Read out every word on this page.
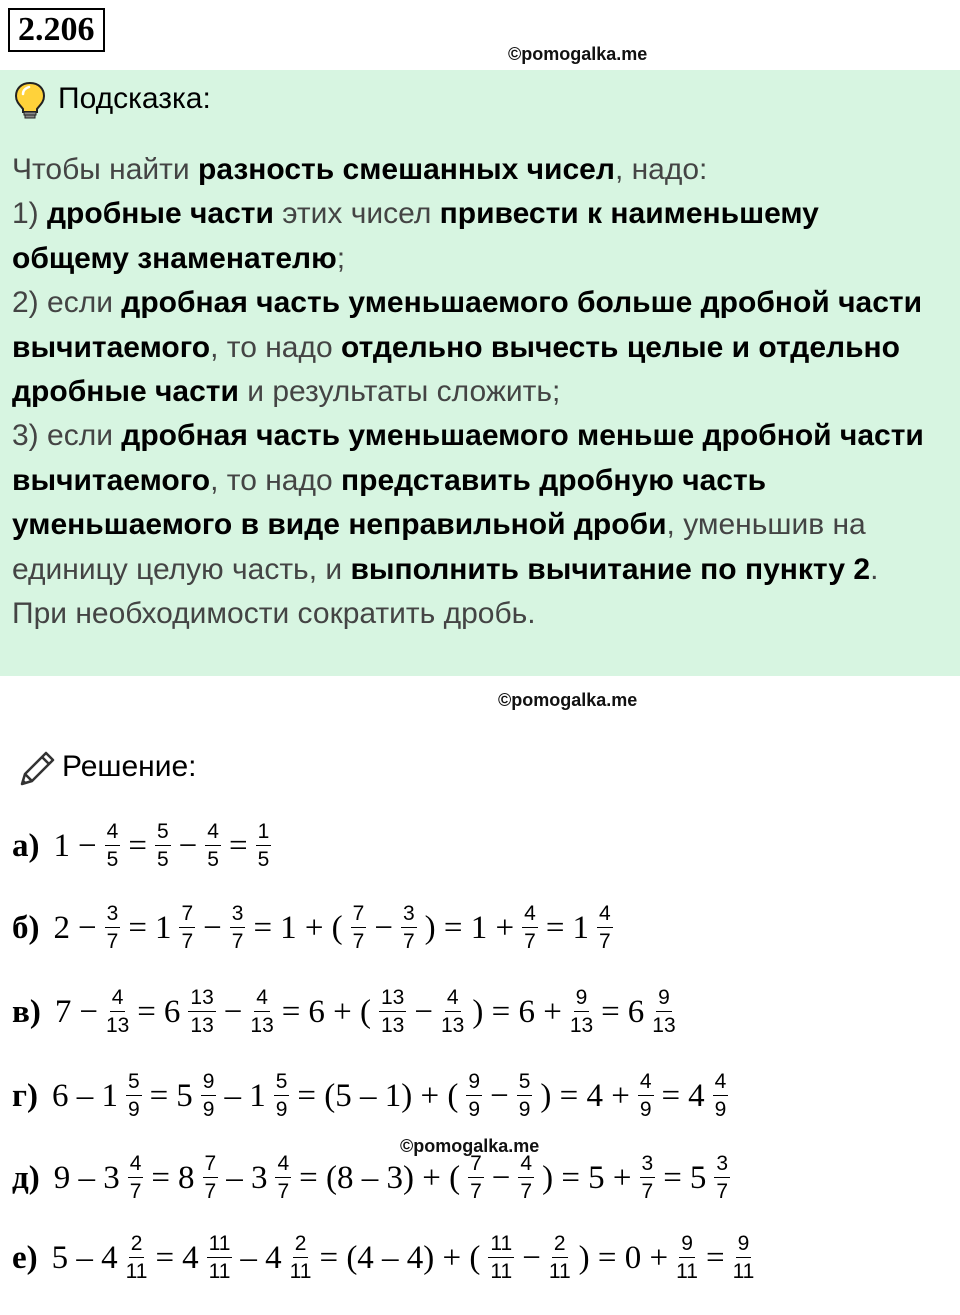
2.206
©pomogalka.me
Подсказка:
Чтобы найти разность смешанных чисел, надо:
1) дробные части этих чисел привести к наименьшему
общему знаменателю;
2) если дробная часть уменьшаемого больше дробной части
вычитаемого, то надо отдельно вычесть целые и отдельно
дробные части и результаты сложить;
3) если дробная часть уменьшаемого меньше дробной части
вычитаемого, то надо представить дробную часть
уменьшаемого в виде неправильной дроби, уменьшив на
единицу целую часть, и выполнить вычитание по пункту 2.
При необходимости сократить дробь.
©pomogalka.me
Решение:
а) $1 - \frac{4}{5} = \frac{5}{5} - \frac{4}{5} = \frac{1}{5}$
б) $2 - \frac{3}{7} = 1 \frac{7}{7} - \frac{3}{7} = 1$ + ( $\frac{7}{7} - \frac{3}{7}$ ) = $1 + \frac{4}{7} = 1 \frac{4}{7}$
в) $7 - \frac{4}{13} = 6 \frac{13}{13} - \frac{4}{13} = 6$ + ( $\frac{13}{13} - \frac{4}{13}$ ) = $6 + \frac{9}{13} = 6 \frac{9}{13}$
г) $6 - 1 \frac{5}{9} = 5 \frac{9}{9} - 1 \frac{5}{9} = (5 - 1)$ + ( $\frac{9}{9} - \frac{5}{9}$ ) = $4 + \frac{4}{9} = 4 \frac{4}{9}$
д) $9 - 3 \frac{4}{7} = 8 \frac{7}{7} - 3 \frac{4}{7} = (8 - 3)$ + ( $\frac{7}{7} - \frac{4}{7}$ ) = $5 + \frac{3}{7} = 5 \frac{3}{7}$
е) $5 - 4 \frac{2}{11} = 4 \frac{11}{11} - 4 \frac{2}{11} = (4 - 4)$ + ( $\frac{11}{11} - \frac{2}{11}$ ) = $0 + \frac{9}{11} = \frac{9}{11}$
©pomogalka.me
